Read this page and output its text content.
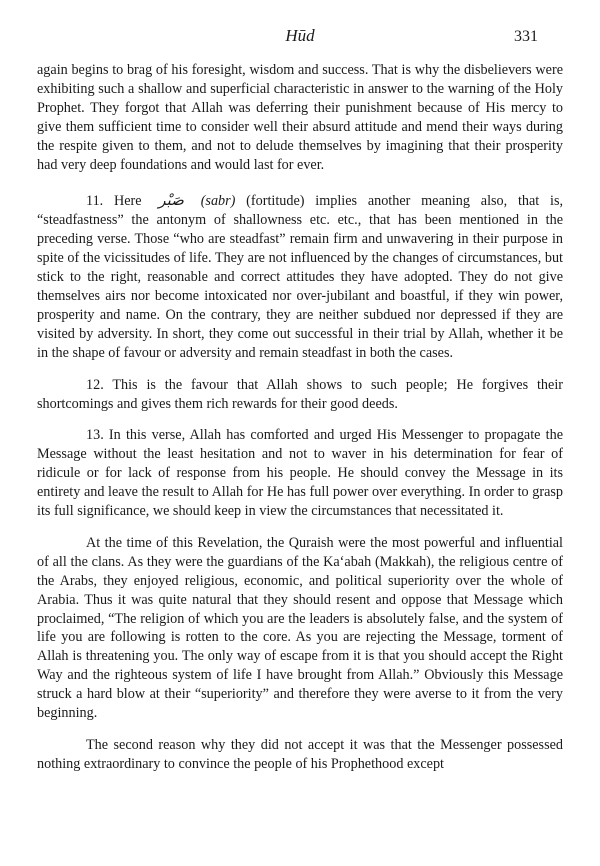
Hūd	331

again begins to brag of his foresight, wisdom and success. That is why the disbelievers were exhibiting such a shallow and superficial characteristic in answer to the warning of the Holy Prophet. They forgot that Allah was deferring their punishment because of His mercy to give them sufficient time to consider well their absurd attitude and mend their ways during the respite given to them, and not to delude themselves by imagining that their prosperity had very deep foundations and would last for ever.

11. Here صَبْر (sabr) (fortitude) implies another meaning also, that is, “steadfastness” the antonym of shallowness etc. etc., that has been mentioned in the preceding verse. Those “who are steadfast” remain firm and unwavering in their purpose in spite of the vicissitudes of life. They are not influenced by the changes of circumstances, but stick to the right, reasonable and correct attitudes they have adopted. They do not give themselves airs nor become intoxicated nor over-jubilant and boastful, if they win power, prosperity and name. On the contrary, they are neither subdued nor depressed if they are visited by adversity. In short, they come out successful in their trial by Allah, whether it be in the shape of favour or adversity and remain steadfast in both the cases.

12. This is the favour that Allah shows to such people; He forgives their shortcomings and gives them rich rewards for their good deeds.

13. In this verse, Allah has comforted and urged His Messenger to propagate the Message without the least hesitation and not to waver in his determination for fear of ridicule or for lack of response from his people. He should convey the Message in its entirety and leave the result to Allah for He has full power over everything. In order to grasp its full significance, we should keep in view the circumstances that necessitated it.

At the time of this Revelation, the Quraish were the most powerful and influential of all the clans. As they were the guardians of the Ka‘abah (Makkah), the religious centre of the Arabs, they enjoyed religious, economic, and political superiority over the whole of Arabia. Thus it was quite natural that they should resent and oppose that Message which proclaimed, “The religion of which you are the leaders is absolutely false, and the system of life you are following is rotten to the core. As you are rejecting the Message, torment of Allah is threatening you. The only way of escape from it is that you should accept the Right Way and the righteous system of life I have brought from Allah.” Obviously this Message struck a hard blow at their “superiority” and therefore they were averse to it from the very beginning.

The second reason why they did not accept it was that the Messenger possessed nothing extraordinary to convince the people of his Prophethood except
